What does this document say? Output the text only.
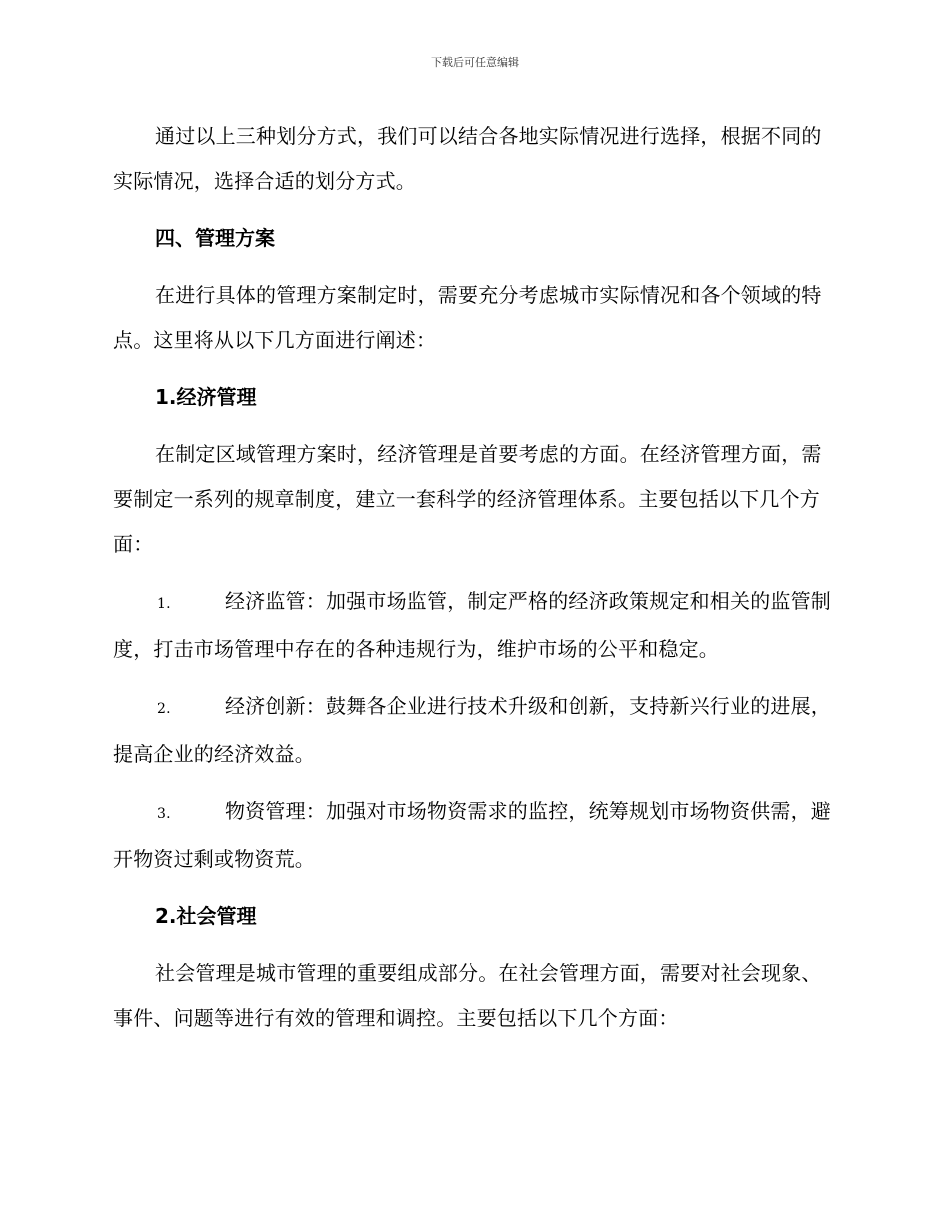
下载后可任意编辑

通过以上三种划分方式，我们可以结合各地实际情况进行选择，根据不同的实际情况，选择合适的划分方式。

四、管理方案

在进行具体的管理方案制定时，需要充分考虑城市实际情况和各个领域的特点。这里将从以下几方面进行阐述：

1.经济管理

在制定区域管理方案时，经济管理是首要考虑的方面。在经济管理方面，需要制定一系列的规章制度，建立一套科学的经济管理体系。主要包括以下几个方面：

1.	经济监管：加强市场监管，制定严格的经济政策规定和相关的监管制度，打击市场管理中存在的各种违规行为，维护市场的公平和稳定。
2.	经济创新：鼓舞各企业进行技术升级和创新，支持新兴行业的进展，提高企业的经济效益。
3.	物资管理：加强对市场物资需求的监控，统筹规划市场物资供需，避开物资过剩或物资荒。
2.社会管理

社会管理是城市管理的重要组成部分。在社会管理方面，需要对社会现象、事件、问题等进行有效的管理和调控。主要包括以下几个方面：
